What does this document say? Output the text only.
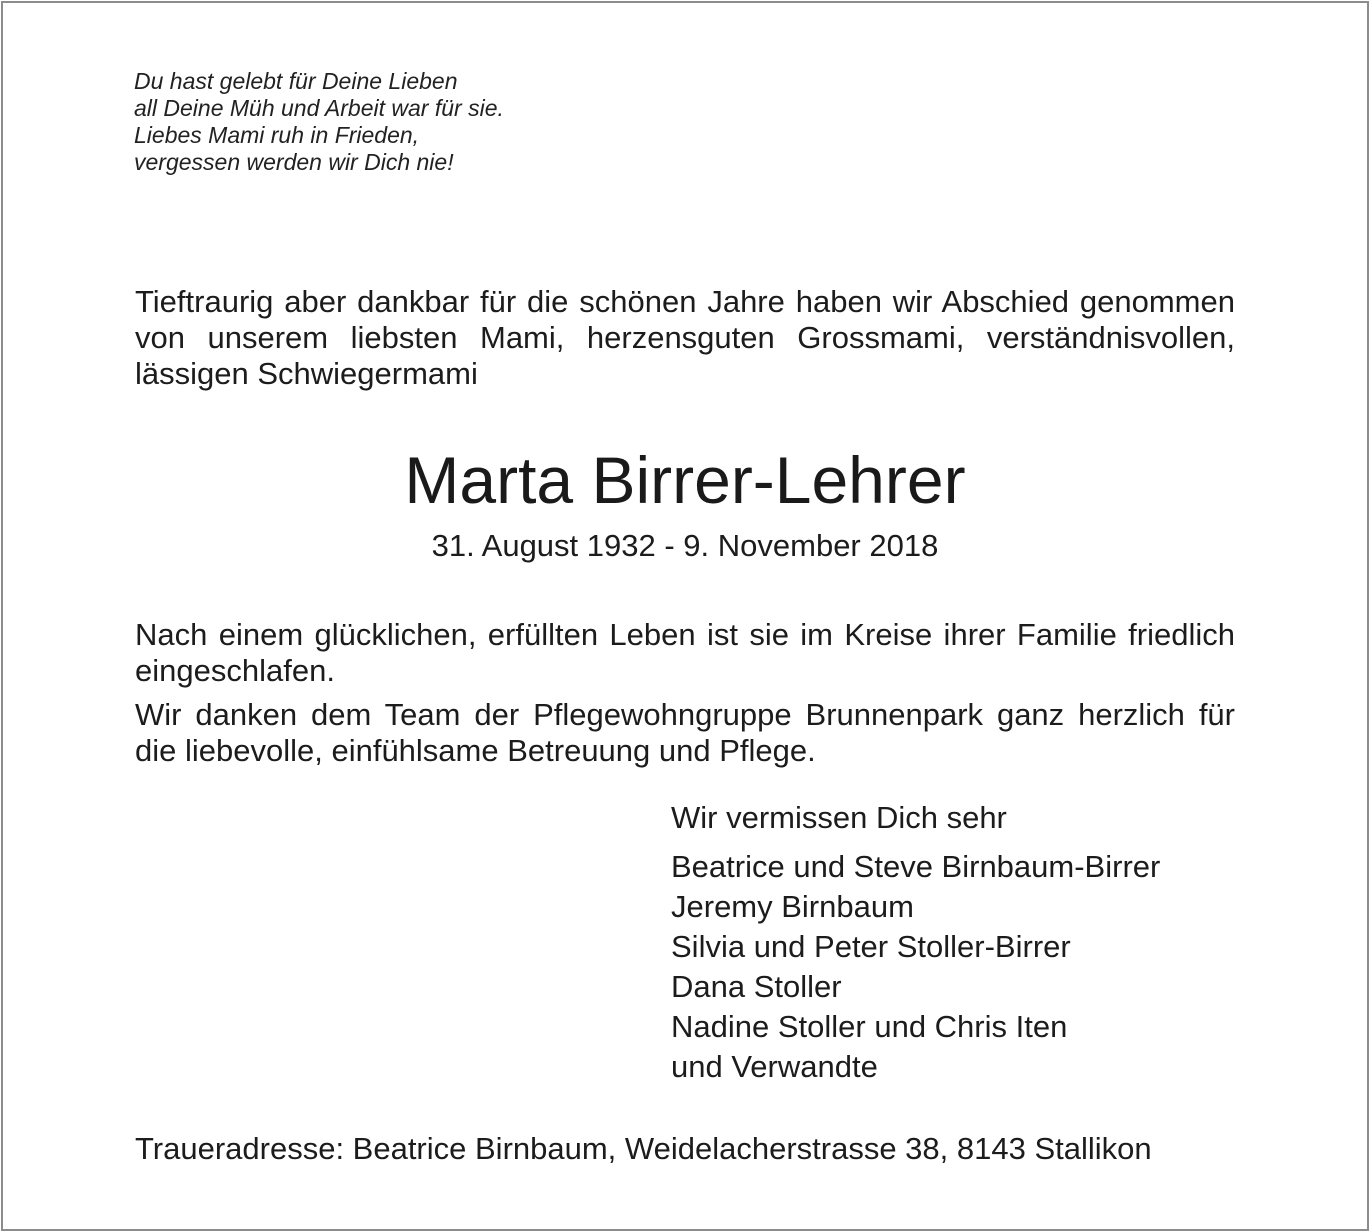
Du hast gelebt für Deine Lieben
all Deine Müh und Arbeit war für sie.
Liebes Mami ruh in Frieden,
vergessen werden wir Dich nie!
Tieftraurig aber dankbar für die schönen Jahre haben wir Abschied genommen von unserem liebsten Mami, herzensguten Grossmami, verständnisvollen, lässigen Schwiegermami
Marta Birrer-Lehrer
31. August 1932 - 9. November 2018
Nach einem glücklichen, erfüllten Leben ist sie im Kreise ihrer Familie friedlich eingeschlafen.
Wir danken dem Team der Pflegewohngruppe Brunnenpark ganz herzlich für die liebevolle, einfühlsame Betreuung und Pflege.
Wir vermissen Dich sehr
Beatrice und Steve Birnbaum-Birrer
Jeremy Birnbaum
Silvia und Peter Stoller-Birrer
Dana Stoller
Nadine Stoller und Chris Iten
und Verwandte
Traueradresse: Beatrice Birnbaum, Weidelacherstrasse 38, 8143 Stallikon
